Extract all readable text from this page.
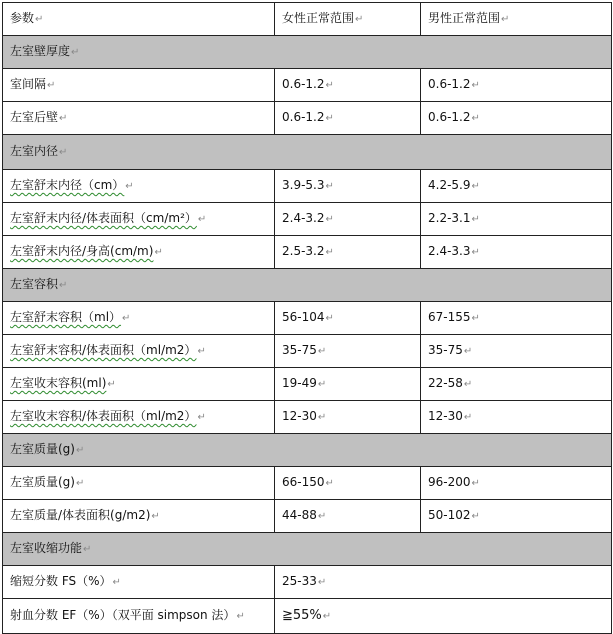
参数↵	女性正常范围↵	男性正常范围↵
左室壁厚度↵		
室间隔↵	0.6-1.2↵	0.6-1.2↵
左室后壁↵	0.6-1.2↵	0.6-1.2↵
左室内径↵		
左室舒末内径（cm）↵	3.9-5.3↵	4.2-5.9↵
左室舒末内径/体表面积（cm/m²）↵	2.4-3.2↵	2.2-3.1↵
左室舒末内径/身高(cm/m)↵	2.5-3.2↵	2.4-3.3↵
左室容积↵		
左室舒末容积（ml）↵	56-104↵	67-155↵
左室舒末容积/体表面积（ml/m2）↵	35-75↵	35-75↵
左室收末容积(ml)↵	19-49↵	22-58↵
左室收末容积/体表面积（ml/m2）↵	12-30↵	12-30↵
左室质量(g)↵		
左室质量(g)↵	66-150↵	96-200↵
左室质量/体表面积(g/m2)↵	44-88↵	50-102↵
左室收缩功能↵		
缩短分数 FS（%）↵	25-33↵	
射血分数 EF（%）（双平面 simpson 法）↵	≧55%↵	
